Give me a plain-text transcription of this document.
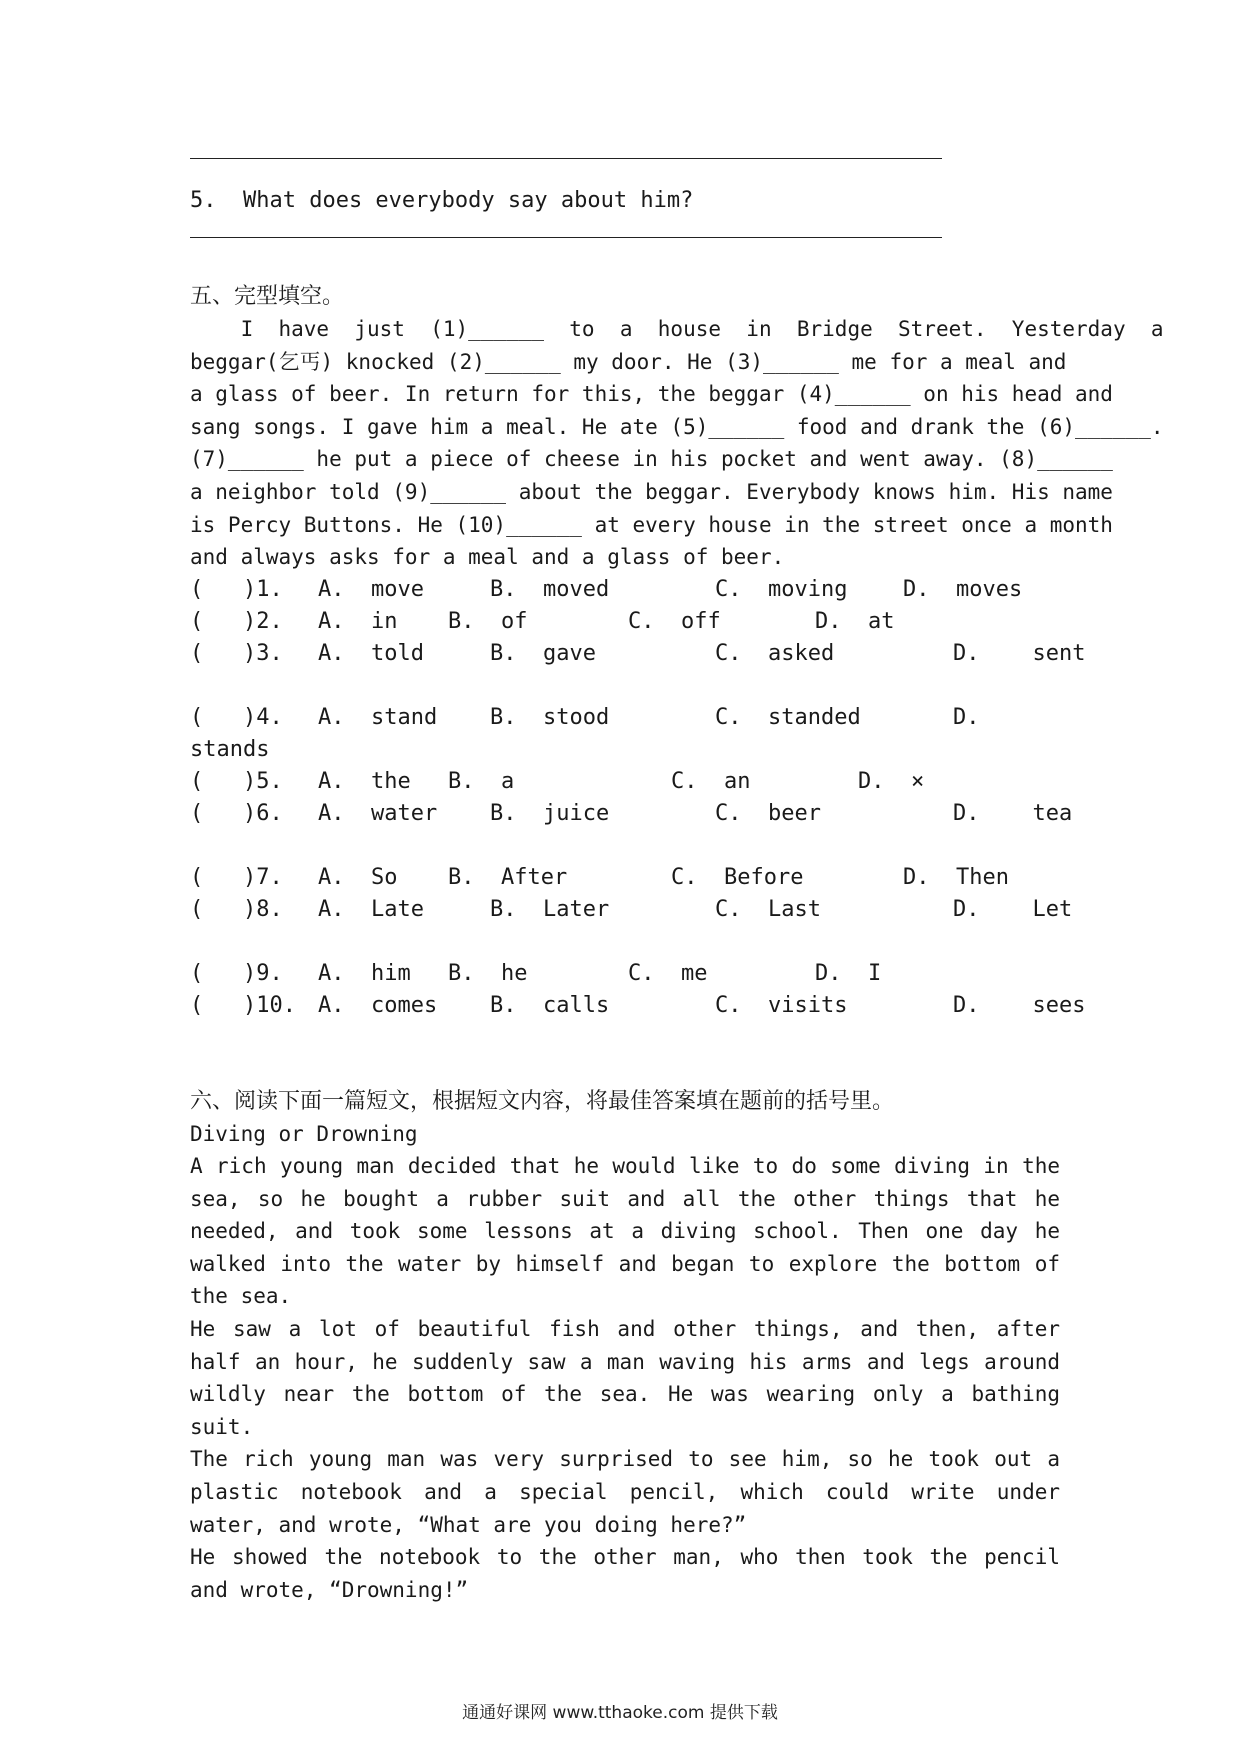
5.  What does everybody say about him?
五、完型填空。
I  have  just  (1)______  to  a  house  in  Bridge  Street.  Yesterday  a
beggar(乞丐) knocked (2)______ my door. He (3)______ me for a meal and
a glass of beer. In return for this, the beggar (4)______ on his head and
sang songs. I gave him a meal. He ate (5)______ food and drank the (6)______.
(7)______ he put a piece of cheese in his pocket and went away. (8)______
a neighbor told (9)______ about the beggar. Everybody knows him. His name
is Percy Buttons. He (10)______ at every house in the street once a month
and always asks for a meal and a glass of beer.
(   )1. A.  move	B.  moved	C.  moving	D.  moves
(   )2. A.  in B.  of	C.  off	D.  at
(   )3. A.  told	B.  gave	C.  asked	D.    sent
(   )4. A.  stand B.  stood	C.  standed	D.
stands
(   )5. A.  the B.  a	C.  an	D.  ×
(   )6. A.  water B.  juice	C.  beer	D.    tea
(   )7. A.  So B.  After	C.  Before	D.  Then
(   )8. A.  Late	B.  Later	C.  Last	D.    Let
(   )9. A.  him B.  he	C.  me	D.  I
(   )10. A.  comes B.  calls	C.  visits	D.    sees
六、阅读下面一篇短文，根据短文内容，将最佳答案填在题前的括号里。
Diving or Drowning

A rich young man decided that he would like to do some diving in the sea, so he bought a rubber suit and all the other things that he needed, and took some lessons at a diving school. Then one day he walked into the water by himself and began to explore the bottom of the sea.

He saw a lot of beautiful fish and other things, and then, after half an hour, he suddenly saw a man waving his arms and legs around wildly near the bottom of the sea. He was wearing only a bathing suit.

The rich young man was very surprised to see him, so he took out a plastic notebook and a special pencil, which could write under water, and wrote, “What are you doing here?”

He showed the notebook to the other man, who then took the pencil and wrote, “Drowning!”

通通好课网 www.tthaoke.com 提供下载
